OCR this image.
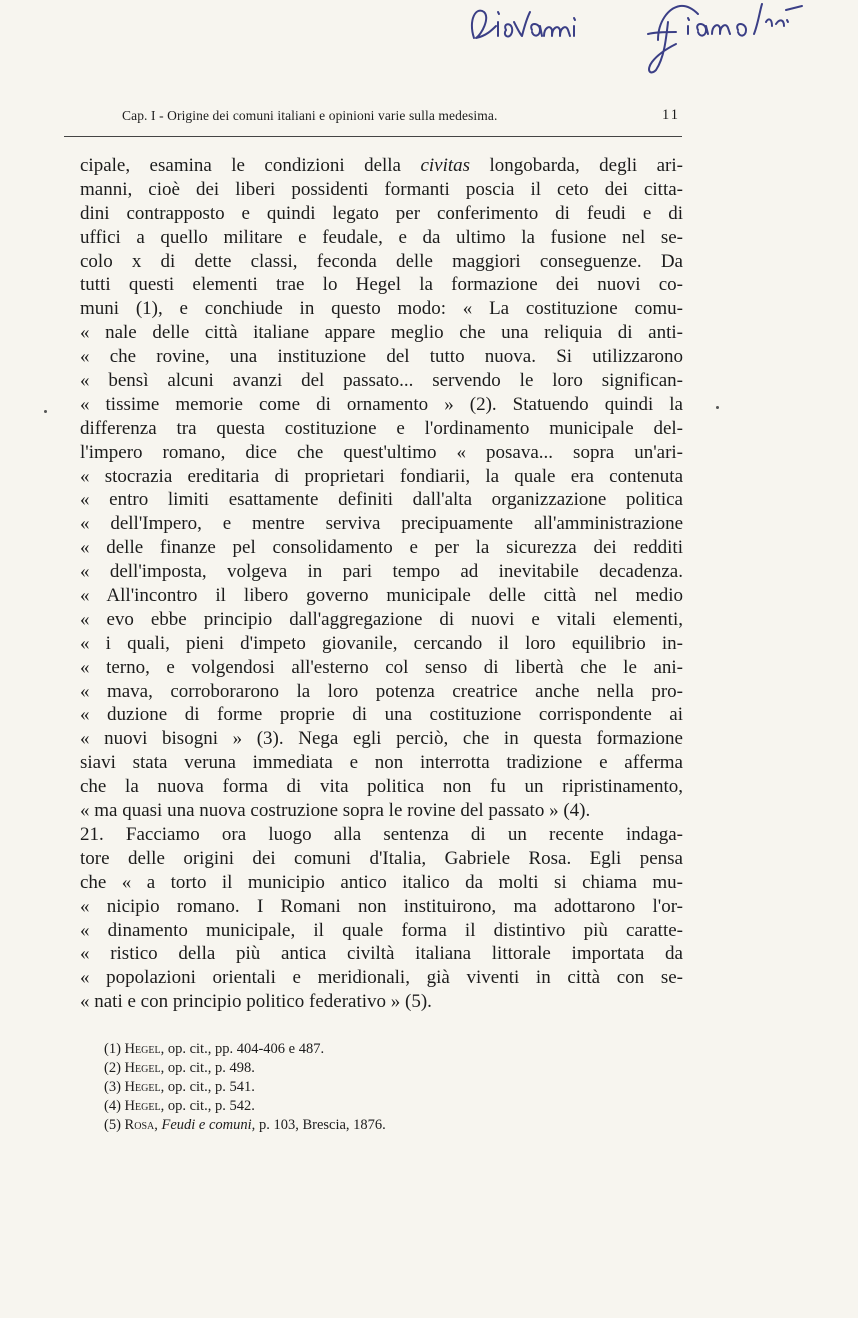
Cap. I - Origine dei comuni italiani e opinioni varie sulla medesima.	11
cipale, esamina le condizioni della civitas longobarda, degli ari-
manni, cioè dei liberi possidenti formanti poscia il ceto dei citta-
dini contrapposto e quindi legato per conferimento di feudi e di
uffici a quello militare e feudale, e da ultimo la fusione nel se-
colo x di dette classi, feconda delle maggiori conseguenze. Da
tutti questi elementi trae lo Hegel la formazione dei nuovi co-
muni (1), e conchiude in questo modo: « La costituzione comu-
« nale delle città italiane appare meglio che una reliquia di anti-
« che rovine, una instituzione del tutto nuova. Si utilizzarono
« bensì alcuni avanzi del passato... servendo le loro significan-
« tissime memorie come di ornamento » (2). Statuendo quindi la
differenza tra questa costituzione e l'ordinamento municipale del-
l'impero romano, dice che quest'ultimo « posava... sopra un'ari-
« stocrazia ereditaria di proprietari fondiarii, la quale era contenuta
« entro limiti esattamente definiti dall'alta organizzazione politica
« dell'Impero, e mentre serviva precipuamente all'amministrazione
« delle finanze pel consolidamento e per la sicurezza dei redditi
« dell'imposta, volgeva in pari tempo ad inevitabile decadenza.
« All'incontro il libero governo municipale delle città nel medio
« evo ebbe principio dall'aggregazione di nuovi e vitali elementi,
« i quali, pieni d'impeto giovanile, cercando il loro equilibrio in-
« terno, e volgendosi all'esterno col senso di libertà che le ani-
« mava, corroborarono la loro potenza creatrice anche nella pro-
« duzione di forme proprie di una costituzione corrispondente ai
« nuovi bisogni » (3). Nega egli perciò, che in questa formazione
siavi stata veruna immediata e non interrotta tradizione e afferma
che la nuova forma di vita politica non fu un ripristinamento,
« ma quasi una nuova costruzione sopra le rovine del passato » (4).
21. Facciamo ora luogo alla sentenza di un recente indaga-
tore delle origini dei comuni d'Italia, Gabriele Rosa. Egli pensa
che « a torto il municipio antico italico da molti si chiama mu-
« nicipio romano. I Romani non instituirono, ma adottarono l'or-
« dinamento municipale, il quale forma il distintivo più caratte-
« ristico della più antica civiltà italiana littorale importata da
« popolazioni orientali e meridionali, già viventi in città con se-
« nati e con principio politico federativo » (5).
(1) Hegel, op. cit., pp. 404-406 e 487.
(2) Hegel, op. cit., p. 498.
(3) Hegel, op. cit., p. 541.
(4) Hegel, op. cit., p. 542.
(5) Rosa, Feudi e comuni, p. 103, Brescia, 1876.
